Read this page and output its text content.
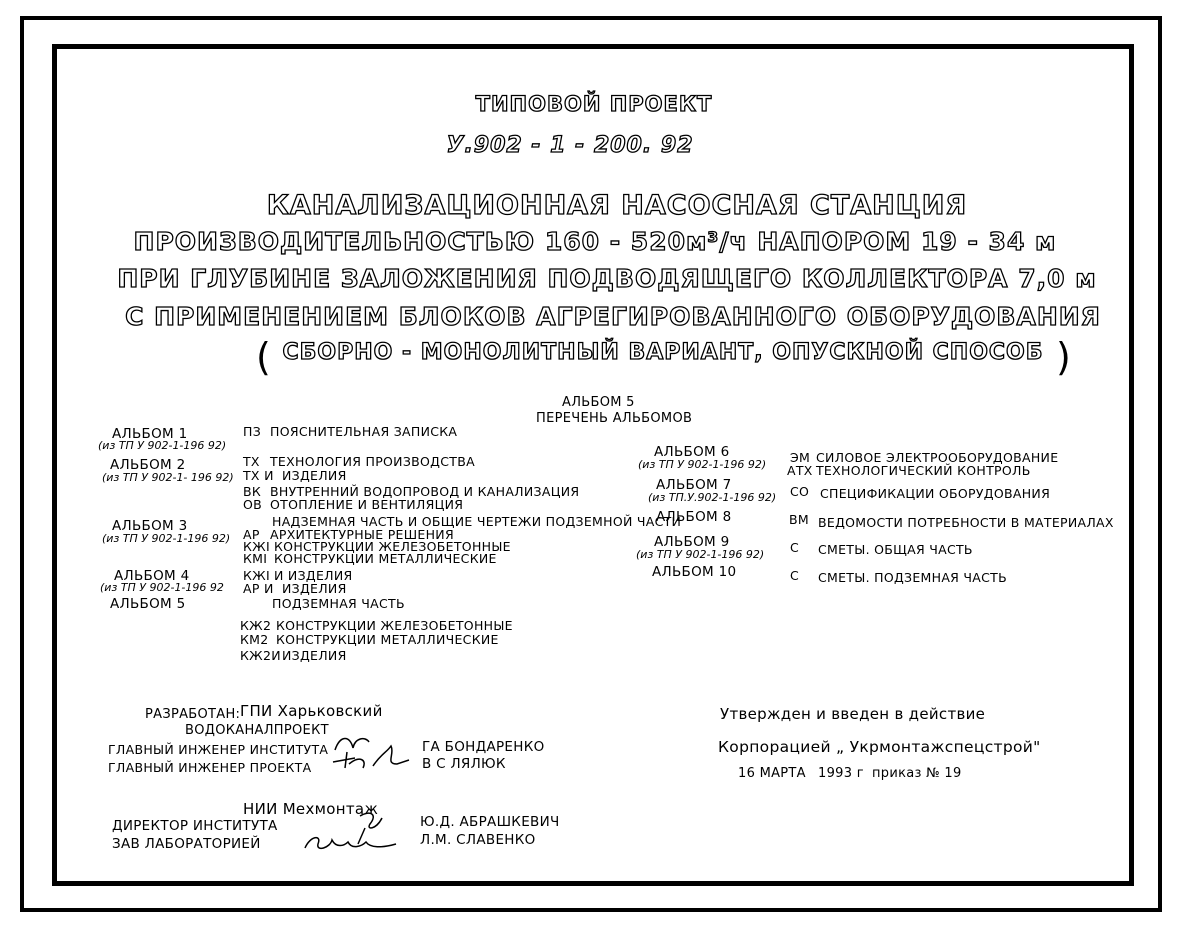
ТИПОВОЙ ПРОЕКТ
У.902 - 1 - 200. 92
КАНАЛИЗАЦИОННАЯ НАСОСНАЯ СТАНЦИЯ
ПРОИЗВОДИТЕЛЬНОСТЬЮ 160 - 520м³/ч НАПОРОМ 19 - 34 м
ПРИ ГЛУБИНЕ ЗАЛОЖЕНИЯ ПОДВОДЯЩЕГО КОЛЛЕКТОРА 7,0 м
С ПРИМЕНЕНИЕМ БЛОКОВ АГРЕГИРОВАННОГО ОБОРУДОВАНИЯ
( СБОРНО - МОНОЛИТНЫЙ ВАРИАНТ, ОПУСКНОЙ СПОСОБ )
АЛЬБОМ 5
ПЕРЕЧЕНЬ АЛЬБОМОВ
АЛЬБОМ 1
(из ТП У 902-1-196 92)
АЛЬБОМ 2
(из ТП У 902-1- 196 92)
АЛЬБОМ 3
(из ТП У 902-1-196 92)
АЛЬБОМ 4
(из ТП У 902-1-196 92
АЛЬБОМ 5
ПЗ ПОЯСНИТЕЛЬНАЯ ЗАПИСКА
ТХ ТЕХНОЛОГИЯ ПРОИЗВОДСТВА
ТХ И ИЗДЕЛИЯ
ВК ВНУТРЕННИЙ ВОДОПРОВОД И КАНАЛИЗАЦИЯ
ОВ ОТОПЛЕНИЕ И ВЕНТИЛЯЦИЯ
НАДЗЕМНАЯ ЧАСТЬ И ОБЩИЕ ЧЕРТЕЖИ ПОДЗЕМНОЙ ЧАСТИ
АР АРХИТЕКТУРНЫЕ РЕШЕНИЯ
КЖI КОНСТРУКЦИИ ЖЕЛЕЗОБЕТОННЫЕ
КМI КОНСТРУКЦИИ МЕТАЛЛИЧЕСКИЕ
КЖI И ИЗДЕЛИЯ
АР И ИЗДЕЛИЯ
ПОДЗЕМНАЯ ЧАСТЬ
КЖ2 КОНСТРУКЦИИ ЖЕЛЕЗОБЕТОННЫЕ
КМ2 КОНСТРУКЦИИ МЕТАЛЛИЧЕСКИЕ
КЖ2И ИЗДЕЛИЯ
АЛЬБОМ 6
(из ТП У 902-1-196 92)
АЛЬБОМ 7
(из ТП.У.902-1-196 92)
АЛЬБОМ 8
АЛЬБОМ 9
(из ТП У 902-1-196 92)
АЛЬБОМ 10
ЭМ СИЛОВОЕ ЭЛЕКТРООБОРУДОВАНИЕ
АТХ ТЕХНОЛОГИЧЕСКИЙ КОНТРОЛЬ
СО СПЕЦИФИКАЦИИ ОБОРУДОВАНИЯ
ВМ ВЕДОМОСТИ ПОТРЕБНОСТИ В МАТЕРИАЛАХ
С СМЕТЫ. ОБЩАЯ ЧАСТЬ
С СМЕТЫ. ПОДЗЕМНАЯ ЧАСТЬ
РАЗРАБОТАН: ГПИ Харьковский
ВОДОКАНАЛПРОЕКТ
ГЛАВНЫЙ ИНЖЕНЕР ИНСТИТУТА
ГЛАВНЫЙ ИНЖЕНЕР ПРОЕКТА
ГА БОНДАРЕНКО
В С ЛЯЛЮК
НИИ Мехмонтаж
ДИРЕКТОР ИНСТИТУТА
ЗАВ ЛАБОРАТОРИЕЙ
Ю.Д. АБРАШКЕВИЧ
Л.М. СЛАВЕНКО
Утвержден и введен в действие
Корпорацией „ Укрмонтажспецстрой"
16 МАРТА 1993 г приказ № 19
